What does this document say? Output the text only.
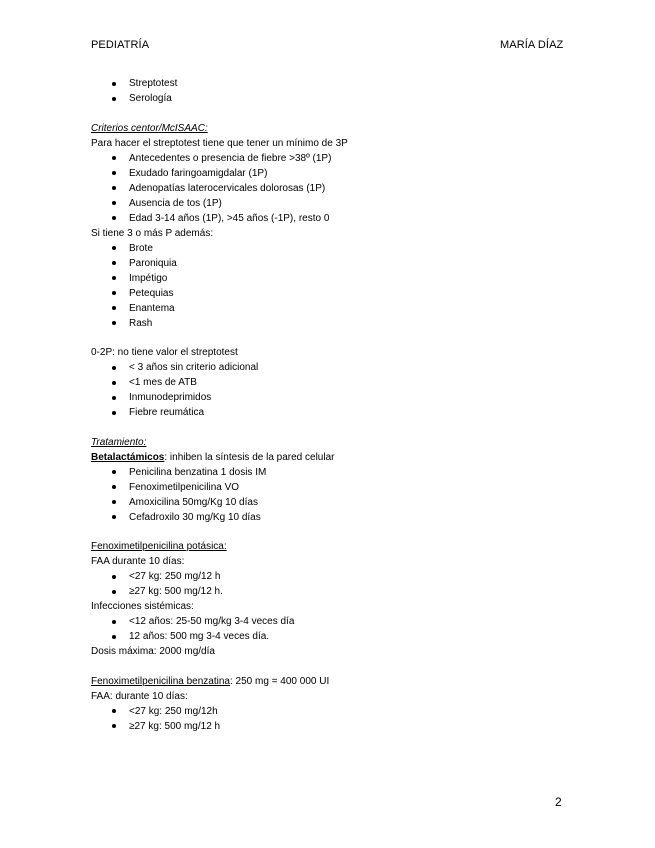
PEDIATRÍA	MARÍA DÍAZ
Streptotest
Serología
Criterios centor/McISAAC:
Para hacer el streptotest tiene que tener un mínimo de 3P
Antecedentes o presencia de fiebre >38º (1P)
Exudado faringoamigdalar (1P)
Adenopatías laterocervicales dolorosas (1P)
Ausencia de tos (1P)
Edad 3-14 años (1P), >45 años (-1P), resto 0
Si tiene 3 o más P además:
Brote
Paroniquia
Impétigo
Petequias
Enantema
Rash
0-2P: no tiene valor el streptotest
< 3 años sin criterio adicional
<1 mes de ATB
Inmunodeprimidos
Fiebre reumática
Tratamiento:
Betalactámicos: inhiben la síntesis de la pared celular
Penicilina benzatina 1 dosis IM
Fenoximetilpenicilina VO
Amoxicilina 50mg/Kg 10 días
Cefadroxilo 30 mg/Kg 10 días
Fenoximetilpenicilina potásica:
FAA durante 10 días:
<27 kg: 250 mg/12 h
≥27 kg: 500 mg/12 h.
Infecciones sistémicas:
<12 años: 25-50 mg/kg 3-4 veces día
12 años: 500 mg 3-4 veces día.
Dosis máxima: 2000 mg/día
Fenoximetilpenicilina benzatina: 250 mg = 400 000 UI
FAA: durante 10 días:
<27 kg: 250 mg/12h
≥27 kg: 500 mg/12 h
2
